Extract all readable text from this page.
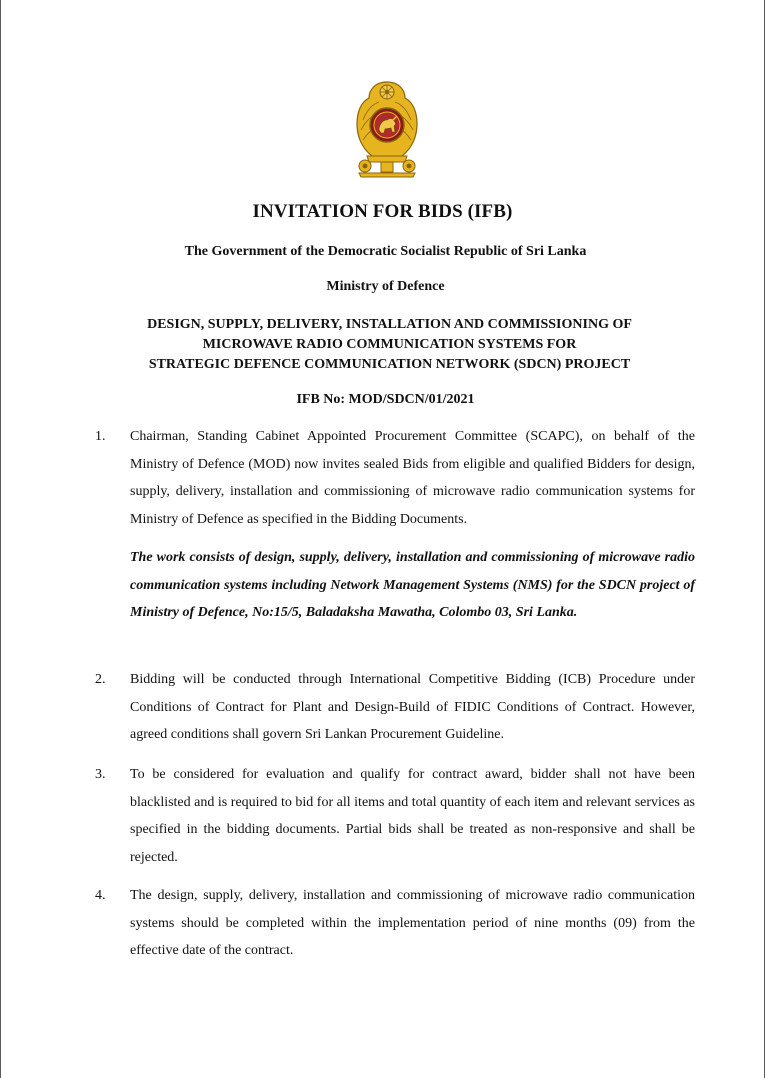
INVITATION FOR BIDS (IFB)
The Government of the Democratic Socialist Republic of Sri Lanka
Ministry of Defence
DESIGN, SUPPLY, DELIVERY, INSTALLATION AND COMMISSIONING OF
MICROWAVE RADIO COMMUNICATION SYSTEMS FOR
STRATEGIC DEFENCE COMMUNICATION NETWORK (SDCN) PROJECT
IFB No: MOD/SDCN/01/2021
1. Chairman, Standing Cabinet Appointed Procurement Committee (SCAPC), on behalf of the Ministry of Defence (MOD) now invites sealed Bids from eligible and qualified Bidders for design, supply, delivery, installation and commissioning of microwave radio communication systems for Ministry of Defence as specified in the Bidding Documents.
The work consists of design, supply, delivery, installation and commissioning of microwave radio communication systems including Network Management Systems (NMS) for the SDCN project of Ministry of Defence, No:15/5, Baladaksha Mawatha, Colombo 03, Sri Lanka.
2. Bidding will be conducted through International Competitive Bidding (ICB) Procedure under Conditions of Contract for Plant and Design-Build of FIDIC Conditions of Contract. However, agreed conditions shall govern Sri Lankan Procurement Guideline.
3. To be considered for evaluation and qualify for contract award, bidder shall not have been blacklisted and is required to bid for all items and total quantity of each item and relevant services as specified in the bidding documents. Partial bids shall be treated as non-responsive and shall be rejected.
4. The design, supply, delivery, installation and commissioning of microwave radio communication systems should be completed within the implementation period of nine months (09) from the effective date of the contract.
